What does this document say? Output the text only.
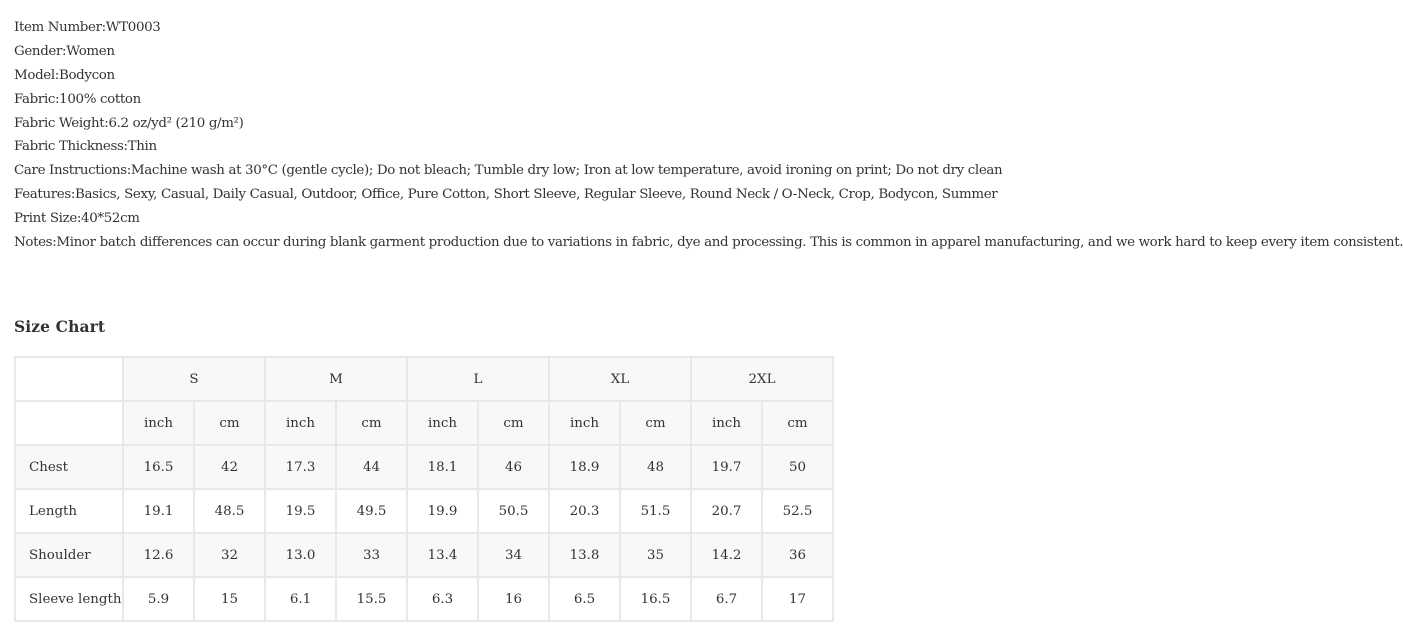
Item Number:WT0003
Gender:Women
Model:Bodycon
Fabric:100% cotton
Fabric Weight:6.2 oz/yd² (210 g/m²)
Fabric Thickness:Thin
Care Instructions:Machine wash at 30°C (gentle cycle); Do not bleach; Tumble dry low; Iron at low temperature, avoid ironing on print; Do not dry clean
Features:Basics, Sexy, Casual, Daily Casual, Outdoor, Office, Pure Cotton, Short Sleeve, Regular Sleeve, Round Neck / O-Neck, Crop, Bodycon, Summer
Print Size:40*52cm
Notes:Minor batch differences can occur during blank garment production due to variations in fabric, dye and processing. This is common in apparel manufacturing, and we work hard to keep every item consistent.
Size Chart
	S		M		L		XL		2XL	
	inch	cm	inch	cm	inch	cm	inch	cm	inch	cm
Chest	16.5	42	17.3	44	18.1	46	18.9	48	19.7	50
Length	19.1	48.5	19.5	49.5	19.9	50.5	20.3	51.5	20.7	52.5
Shoulder	12.6	32	13.0	33	13.4	34	13.8	35	14.2	36
Sleeve length	5.9	15	6.1	15.5	6.3	16	6.5	16.5	6.7	17
